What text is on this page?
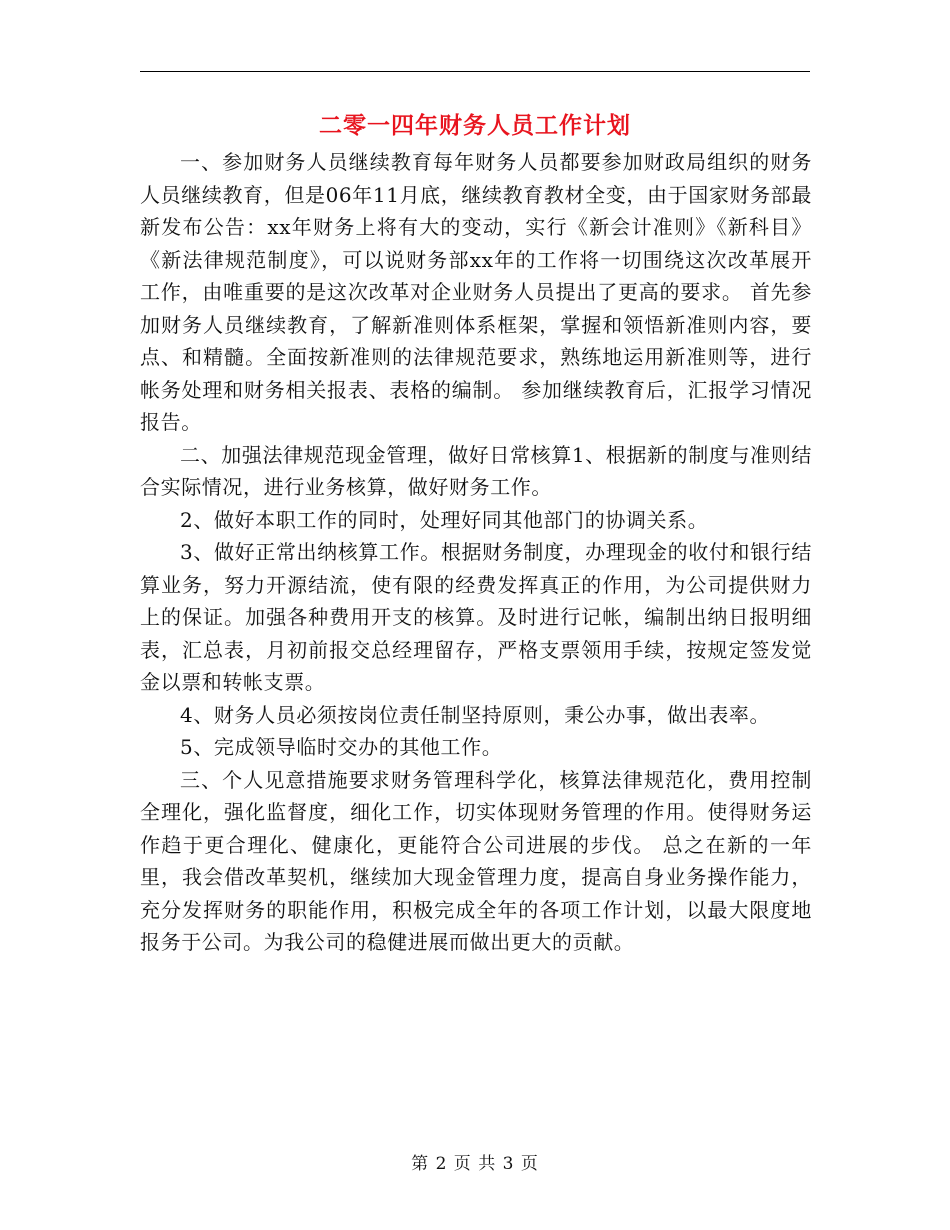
二零一四年财务人员工作计划

一、参加财务人员继续教育每年财务人员都要参加财政局组织的财务人员继续教育，但是06年11月底，继续教育教材全变，由于国家财务部最新发布公告：xx年财务上将有大的变动，实行《新会计准则》《新科目》《新法律规范制度》，可以说财务部xx年的工作将一切围绕这次改革展开工作，由唯重要的是这次改革对企业财务人员提出了更高的要求。 首先参加财务人员继续教育，了解新准则体系框架，掌握和领悟新准则内容，要点、和精髓。全面按新准则的法律规范要求，熟练地运用新准则等，进行帐务处理和财务相关报表、表格的编制。 参加继续教育后，汇报学习情况报告。

二、加强法律规范现金管理，做好日常核算1、根据新的制度与准则结合实际情况，进行业务核算，做好财务工作。

2、做好本职工作的同时，处理好同其他部门的协调关系。

3、做好正常出纳核算工作。根据财务制度，办理现金的收付和银行结算业务，努力开源结流，使有限的经费发挥真正的作用，为公司提供财力上的保证。加强各种费用开支的核算。及时进行记帐，编制出纳日报明细表，汇总表，月初前报交总经理留存，严格支票领用手续，按规定签发觉金以票和转帐支票。

4、财务人员必须按岗位责任制坚持原则，秉公办事，做出表率。

5、完成领导临时交办的其他工作。

三、个人见意措施要求财务管理科学化，核算法律规范化，费用控制全理化，强化监督度，细化工作，切实体现财务管理的作用。使得财务运作趋于更合理化、健康化，更能符合公司进展的步伐。 总之在新的一年里，我会借改革契机，继续加大现金管理力度，提高自身业务操作能力，充分发挥财务的职能作用，积极完成全年的各项工作计划，以最大限度地报务于公司。为我公司的稳健进展而做出更大的贡献。

第 2 页 共 3 页
